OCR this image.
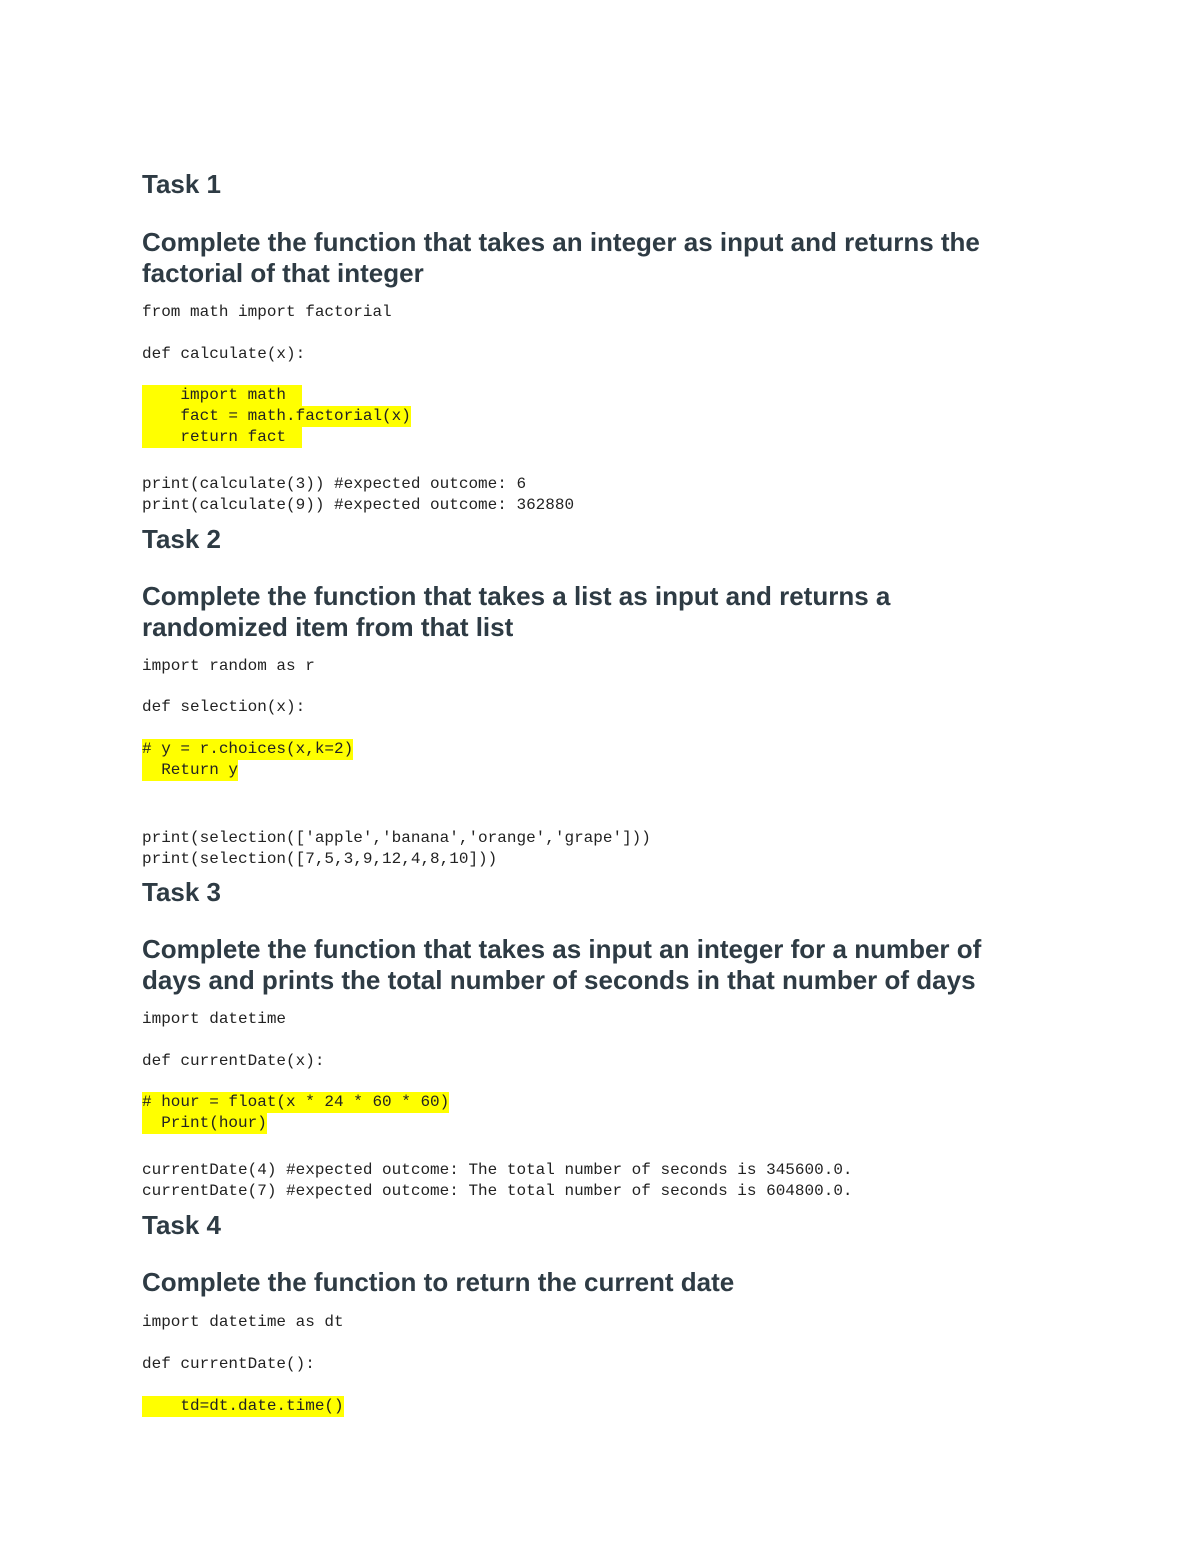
Task 1

Complete the function that takes an integer as input and returns the factorial of that integer

from math import factorial
def calculate(x):

import math
fact = math.factorial(x)
return fact

print(calculate(3)) #expected outcome: 6
print(calculate(9)) #expected outcome: 362880

Task 2

Complete the function that takes a list as input and returns a randomized item from that list

import random as r
def selection(x):

# y = r.choices(x,k=2)
Return y

print(selection(['apple','banana','orange','grape']))
print(selection([7,5,3,9,12,4,8,10]))

Task 3

Complete the function that takes as input an integer for a number of days and prints the total number of seconds in that number of days

import datetime
def currentDate(x):

# hour = float(x * 24 * 60 * 60)
Print(hour)

currentDate(4) #expected outcome: The total number of seconds is 345600.0.
currentDate(7) #expected outcome: The total number of seconds is 604800.0.

Task 4

Complete the function to return the current date

import datetime as dt
def currentDate():

td=dt.date.time()
